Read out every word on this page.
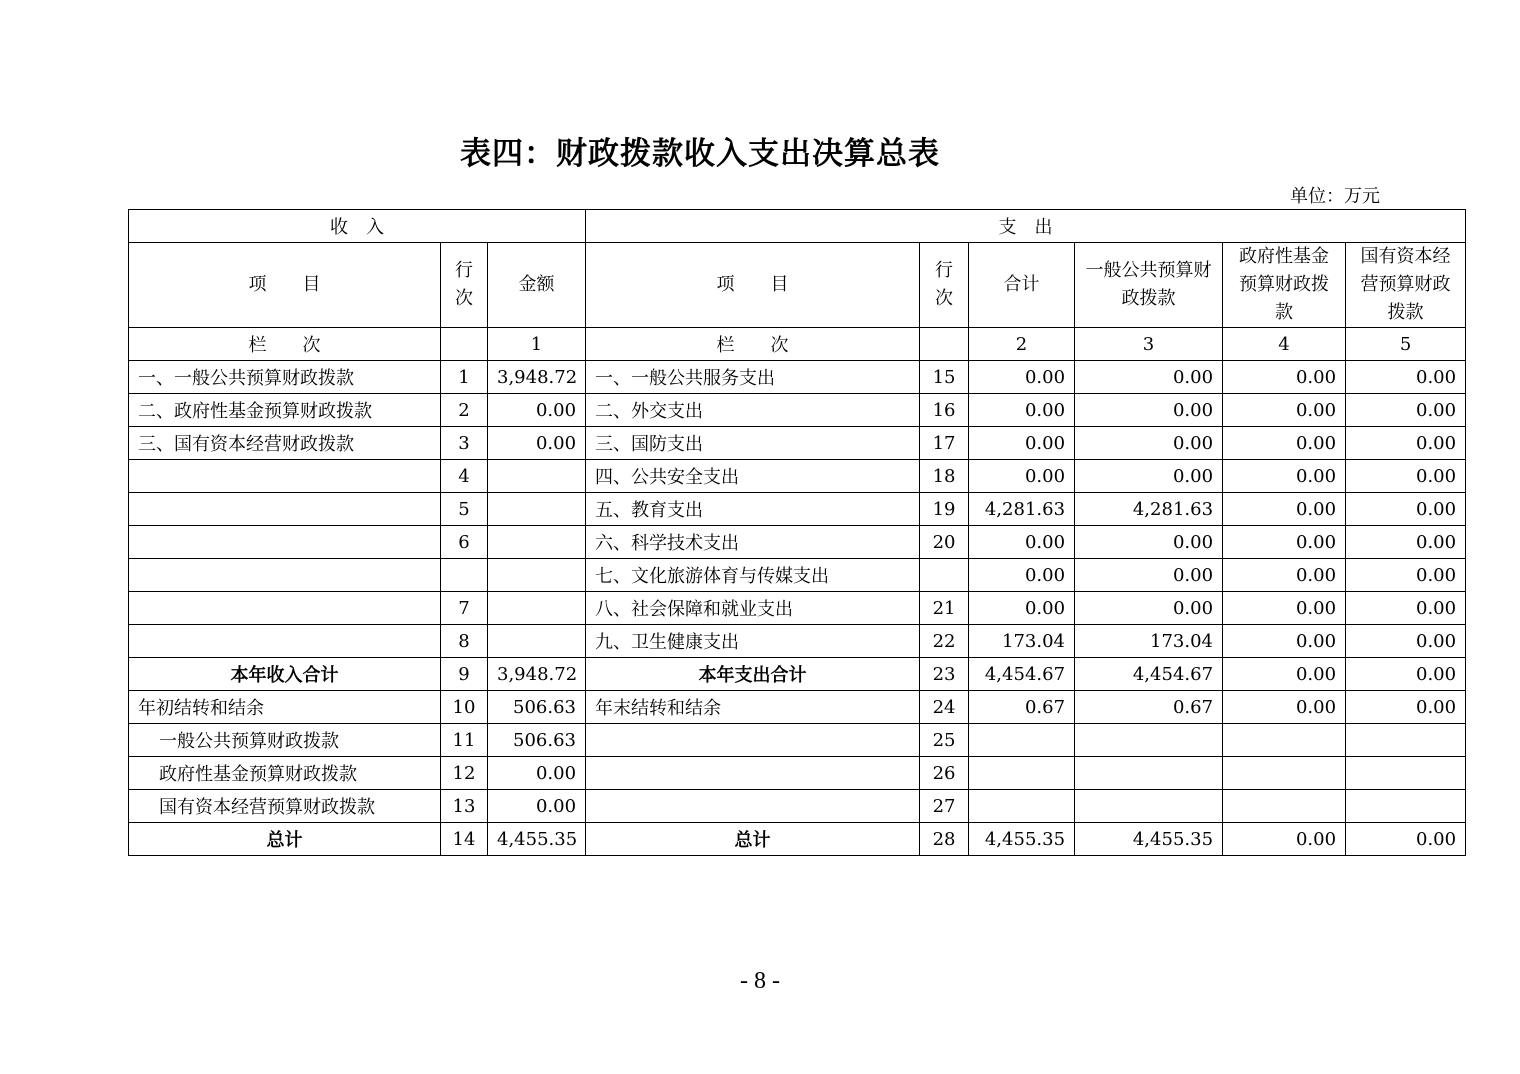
表四：财政拨款收入支出决算总表
单位：万元
收　入			支　出					
项　　目	行次	金额	项　　目	行次	合计	一般公共预算财政拨款	政府性基金预算财政拨款	国有资本经营预算财政拨款
栏　　次		1	栏　　次		2	3	4	5
一、一般公共预算财政拨款	1	3,948.72	一、一般公共服务支出	15	0.00	0.00	0.00	0.00
二、政府性基金预算财政拨款	2	0.00	二、外交支出	16	0.00	0.00	0.00	0.00
三、国有资本经营财政拨款	3	0.00	三、国防支出	17	0.00	0.00	0.00	0.00
	4		四、公共安全支出	18	0.00	0.00	0.00	0.00
	5		五、教育支出	19	4,281.63	4,281.63	0.00	0.00
	6		六、科学技术支出	20	0.00	0.00	0.00	0.00
			七、文化旅游体育与传媒支出		0.00	0.00	0.00	0.00
	7		八、社会保障和就业支出	21	0.00	0.00	0.00	0.00
	8		九、卫生健康支出	22	173.04	173.04	0.00	0.00
本年收入合计	9	3,948.72	本年支出合计	23	4,454.67	4,454.67	0.00	0.00
年初结转和结余	10	506.63	年末结转和结余	24	0.67	0.67	0.00	0.00
一般公共预算财政拨款	11	506.63		25				
政府性基金预算财政拨款	12	0.00		26				
国有资本经营预算财政拨款	13	0.00		27				
总计	14	4,455.35	总计	28	4,455.35	4,455.35	0.00	0.00
- 8 -
